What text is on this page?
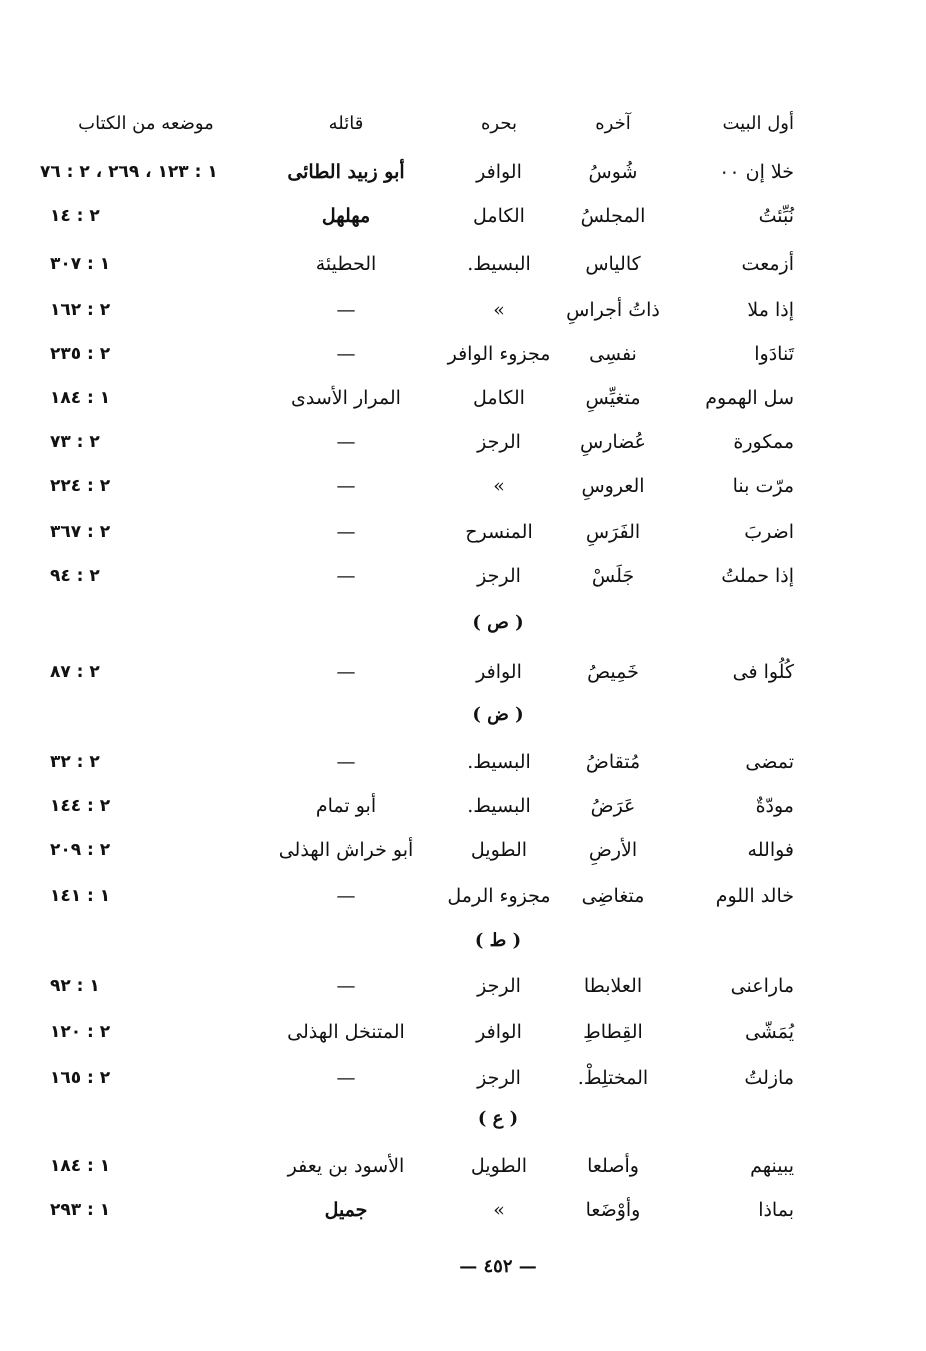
أول البيت
آخره
بحره
قائله
موضعه من الكتاب
خلا إن ٠٠
شُوسُ
الوافر
أبو زبيد الطائى
١ : ١٢٣ ، ٢٦٩ ، ٢ : ٧٦
نُبِّئتُ
المجلسُ
الكامل
مهلهل
٢ : ١٤
أزمعت
كالياس
البسيط.
الحطيئة
١ : ٣٠٧
إذا ملا
ذاتُ أجراسِ
»
—
٢ : ١٦٢
تَنادَوا
نفسِى
مجزوء الوافر
—
٢ : ٢٣٥
سل الهموم
متغيِّسِ
الكامل
المرار الأسدى
١ : ١٨٤
ممكورة
عُضارسِ
الرجز
—
٢ : ٧٣
مرّت بنا
العروسِ
»
—
٢ : ٢٢٤
اضربَ
الفَرَسِ
المنسرح
—
٢ : ٣٦٧
إذا حملتُ
جَلَسْ
الرجز
—
٢ : ٩٤
( ص )
كُلُوا فى
خَمِيصُ
الوافر
—
٢ : ٨٧
( ض )
تمضى
مُتقاضُ
البسيط.
—
٢ : ٣٢
مودّةٌ
عَرَضُ
البسيط.
أبو تمام
٢ : ١٤٤
فوالله
الأرضِ
الطويل
أبو خراش الهذلى
٢ : ٢٠٩
خالد اللوم
متغاضِى
مجزوء الرمل
—
١ : ١٤١
( ط )
ماراعنى
العلابطا
الرجز
—
١ : ٩٢
يُمَشّى
القِطاطِ
الوافر
المتنخل الهذلى
٢ : ١٢٠
مازلتُ
المختلِطْ.
الرجز
—
٢ : ١٦٥
( ع )
يبينهم
وأصلعا
الطويل
الأسود بن يعفر
١ : ١٨٤
بماذا
وأوْضَعا
»
جميل
١ : ٢٩٣
— ٤٥٢ —
